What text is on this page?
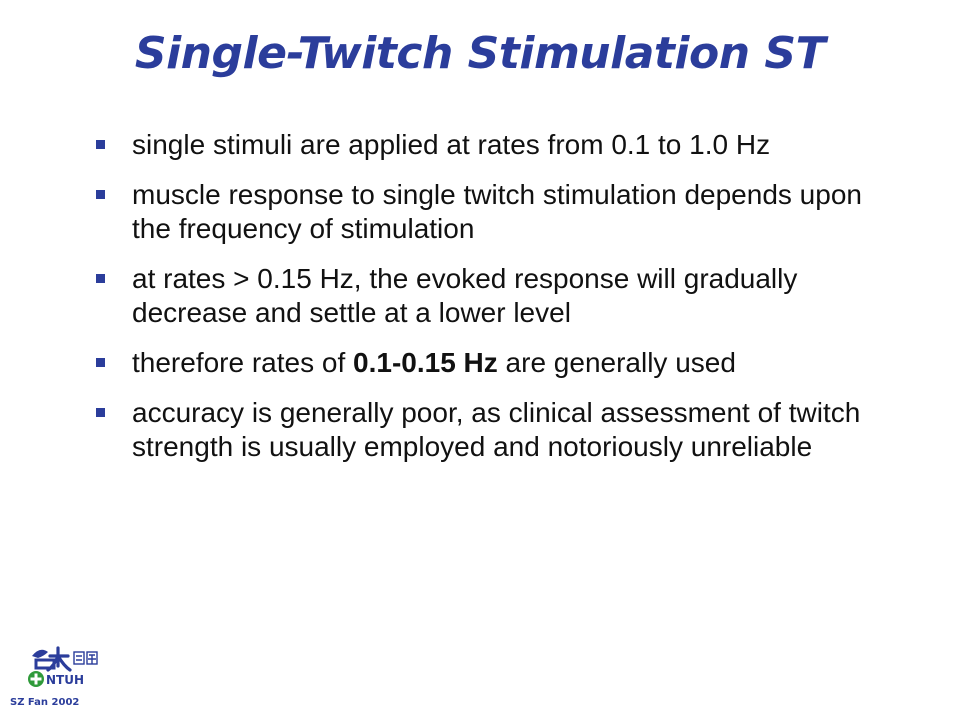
Single-Twitch Stimulation ST
single stimuli are applied at rates from 0.1 to 1.0 Hz
muscle response to single twitch stimulation depends upon the frequency of stimulation
at rates > 0.15 Hz, the evoked response will gradually decrease and settle at a lower level
therefore rates of 0.1-0.15 Hz are generally used
accuracy is generally poor, as clinical assessment of twitch strength is usually employed and notoriously unreliable
NTUH
SZ Fan 2002
